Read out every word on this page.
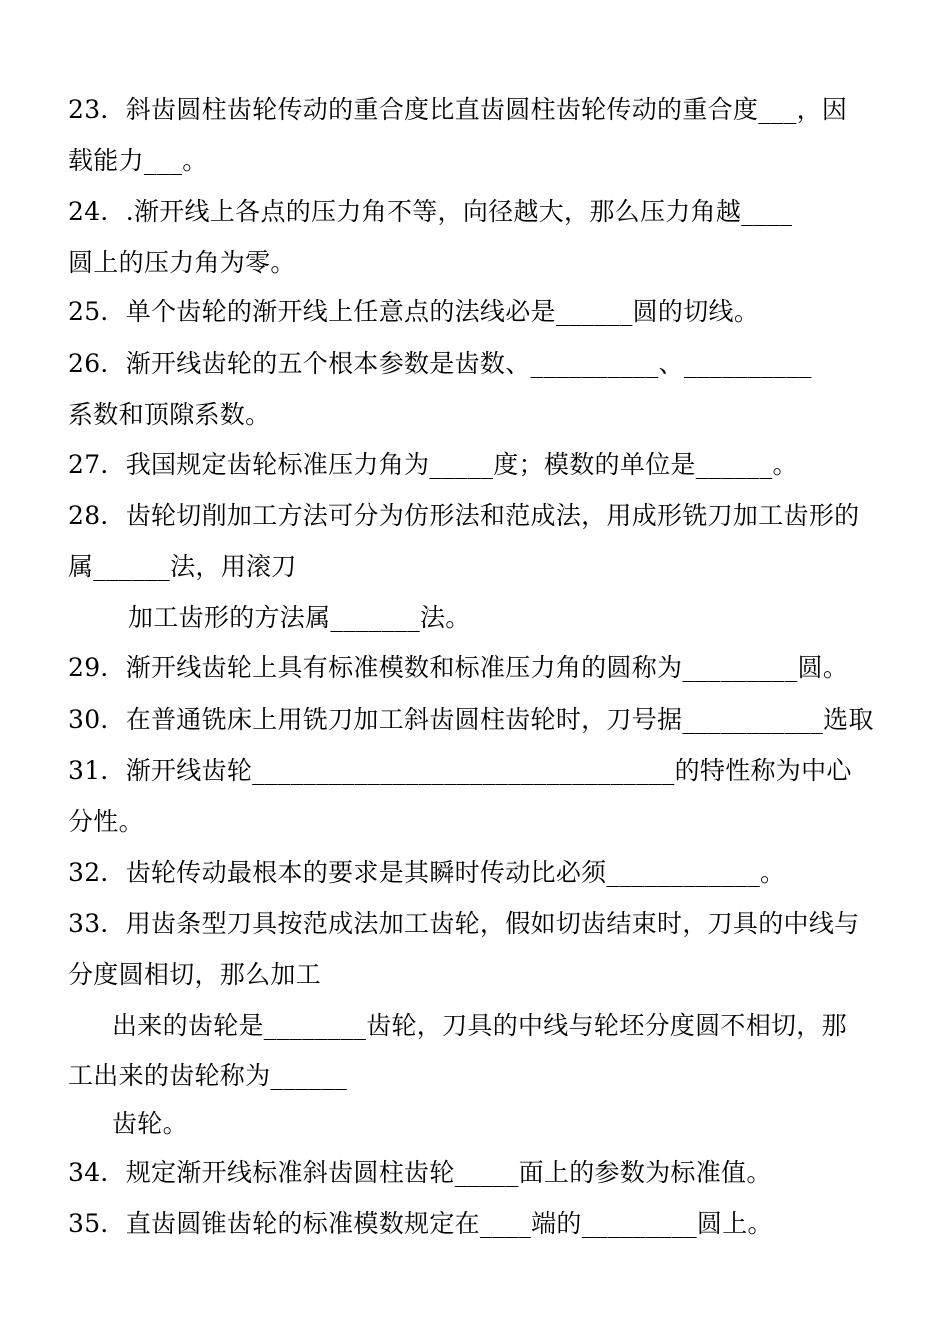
23．斜齿圆柱齿轮传动的重合度比直齿圆柱齿轮传动的重合度___，因
载能力___。
24．.渐开线上各点的压力角不等，向径越大，那么压力角越____
圆上的压力角为零。
25．单个齿轮的渐开线上任意点的法线必是______圆的切线。
26．渐开线齿轮的五个根本参数是齿数、__________、__________
系数和顶隙系数。
27．我国规定齿轮标准压力角为_____度；模数的单位是______。
28．齿轮切削加工方法可分为仿形法和范成法，用成形铣刀加工齿形的
属______法，用滚刀
加工齿形的方法属_______法。
29．渐开线齿轮上具有标准模数和标准压力角的圆称为_________圆。
30．在普通铣床上用铣刀加工斜齿圆柱齿轮时，刀号据___________选取
31．渐开线齿轮_________________________________的特性称为中心
分性。
32．齿轮传动最根本的要求是其瞬时传动比必须____________。
33．用齿条型刀具按范成法加工齿轮，假如切齿结束时，刀具的中线与
分度圆相切，那么加工
出来的齿轮是________齿轮，刀具的中线与轮坯分度圆不相切，那
工出来的齿轮称为______
齿轮。
34．规定渐开线标准斜齿圆柱齿轮_____面上的参数为标准值。
35．直齿圆锥齿轮的标准模数规定在____端的_________圆上。
